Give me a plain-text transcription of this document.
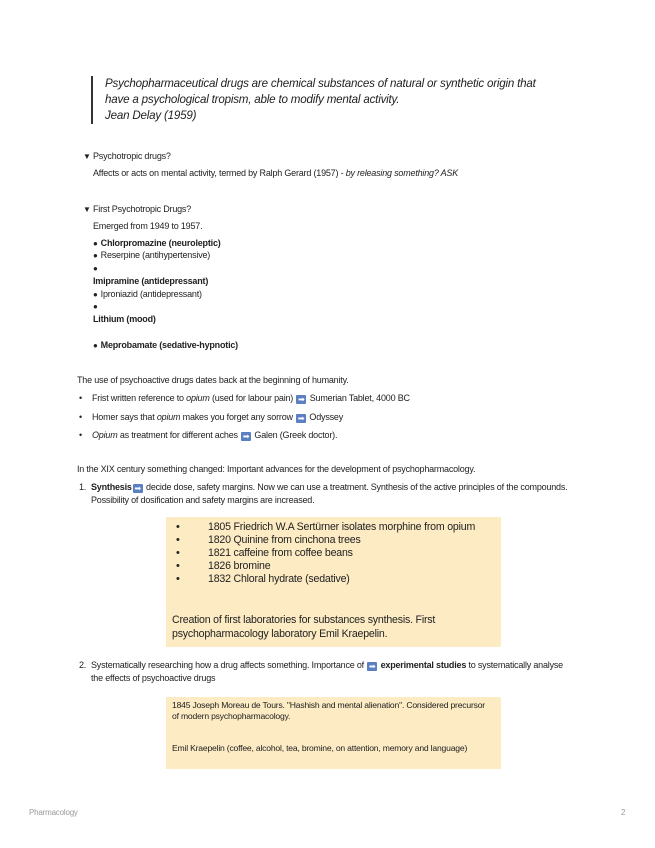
Psychopharmaceutical drugs are chemical substances of natural or synthetic origin that
have a psychological tropism, able to modify mental activity.
Jean Delay (1959)
▼ Psychotropic drugs?
Affects or acts on mental activity, termed by Ralph Gerard (1957) - by releasing something? ASK
▼ First Psychotropic Drugs?
Emerged from 1949 to 1957.
● Chlorpromazine (neuroleptic)
● Reserpine (antihypertensive)
●
Imipramine (antidepressant)
● Iproniazid (antidepressant)
●
Lithium (mood)
● Meprobamate (sedative-hypnotic)
The use of psychoactive drugs dates back at the beginning of humanity.
• Frist written reference to opium (used for labour pain) ➡ Sumerian Tablet, 4000 BC
• Homer says that opium makes you forget any sorrow ➡ Odyssey
• Opium as treatment for different aches ➡ Galen (Greek doctor).
In the XIX century something changed: Important advances for the development of psychopharmacology.
1. Synthesis ➡ decide dose, safety margins. Now we can use a treatment. Synthesis of the active principles of the compounds. Possibility of dosification and safety margins are increased.
• 1805 Friedrich W.A Sertürner isolates morphine from opium
• 1820 Quinine from cinchona trees
• 1821 caffeine from coffee beans
• 1826 bromine
• 1832 Chloral hydrate (sedative)
Creation of first laboratories for substances synthesis. First psychopharmacology laboratory Emil Kraepelin.
2. Systematically researching how a drug affects something. Importance of ➡ experimental studies to systematically analyse the effects of psychoactive drugs
1845 Joseph Moreau de Tours. "Hashish and mental alienation". Considered precursor of modern psychopharmacology.
Emil Kraepelin (coffee, alcohol, tea, bromine, on attention, memory and language)
Pharmacology	2
